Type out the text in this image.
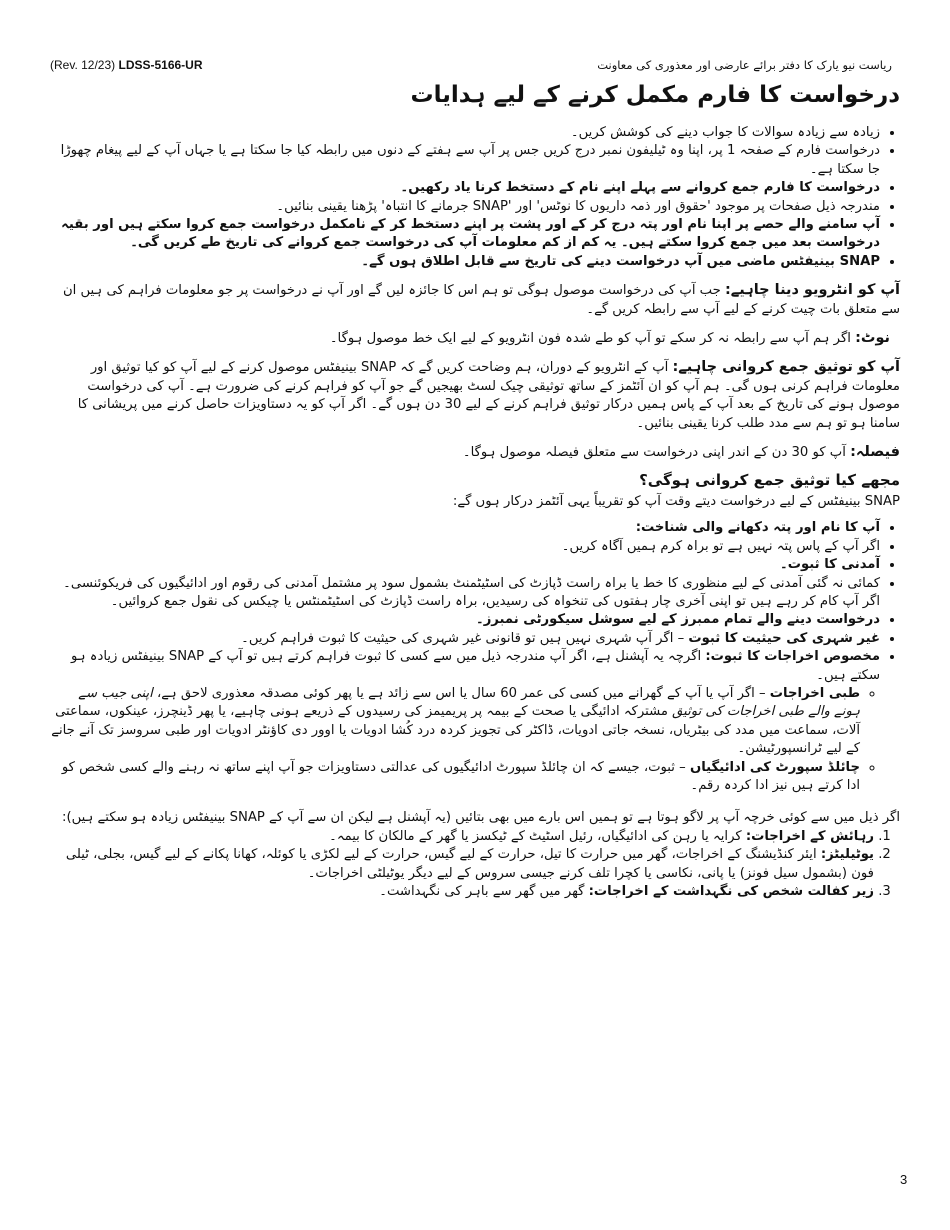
(Rev. 12/23) LDSS-5166-UR	ریاست نیو یارک کا دفتر برائے عارضی اور معذوری کی معاونت
درخواست کا فارم مکمل کرنے کے لیے ہدایات
• زیادہ سے زیادہ سوالات کا جواب دینے کی کوشش کریں۔
• درخواست فارم کے صفحہ 1 پر، اپنا وہ ٹیلیفون نمبر درج کریں جس پر آپ سے ہفتے کے دنوں میں رابطہ کیا جا سکتا ہے یا جہاں آپ کے لیے پیغام چھوڑا جا سکتا ہے۔
• درخواست کا فارم جمع کروانے سے پہلے اپنے نام کے دستخط کرنا یاد رکھیں۔
• مندرجہ ذیل صفحات پر موجود 'حقوق اور ذمہ داریوں کا نوٹس' اور 'SNAP جرمانے کا انتباہ' پڑھنا یقینی بنائیں۔
• آپ سامنے والے حصے پر اپنا نام اور پتہ درج کر کے اور پشت پر اپنے دستخط کر کے نامکمل درخواست جمع کروا سکتے ہیں اور بقیہ درخواست بعد میں جمع کروا سکتے ہیں۔ یہ کم از کم معلومات آپ کی درخواست جمع کروانے کی تاریخ طے کریں گی۔
• SNAP بینیفٹس ماضی میں آپ درخواست دینے کی تاریخ سے قابل اطلاق ہوں گے۔

آپ کو انٹرویو دینا چاہیے: جب آپ کی درخواست موصول ہوگی تو ہم اس کا جائزہ لیں گے اور آپ نے درخواست پر جو معلومات فراہم کی ہیں ان سے متعلق بات چیت کرنے کے لیے آپ سے رابطہ کریں گے۔

نوٹ: اگر ہم آپ سے رابطہ نہ کر سکے تو آپ کو طے شدہ فون انٹرویو کے لیے ایک خط موصول ہوگا۔

آپ کو توثیق جمع کروانی چاہیے: آپ کے انٹرویو کے دوران، ہم وضاحت کریں گے کہ SNAP بینیفٹس موصول کرنے کے لیے آپ کو کیا توثیق اور معلومات فراہم کرنی ہوں گی۔ ہم آپ کو ان آئٹمز کے ساتھ توثیقی چیک لسٹ بھیجیں گے جو آپ کو فراہم کرنے کی ضرورت ہے۔ آپ کی درخواست موصول ہونے کی تاریخ کے بعد آپ کے پاس ہمیں درکار توثیق فراہم کرنے کے لیے 30 دن ہوں گے۔ اگر آپ کو یہ دستاویزات حاصل کرنے میں پریشانی کا سامنا ہو تو ہم سے مدد طلب کرنا یقینی بنائیں۔

فیصلہ: آپ کو 30 دن کے اندر اپنی درخواست سے متعلق فیصلہ موصول ہوگا۔

مجھے کیا توثیق جمع کروانی ہوگی؟

SNAP بینیفٹس کے لیے درخواست دیتے وقت آپ کو تقریباً یہی آئٹمز درکار ہوں گے:

• آپ کا نام اور پتہ دکھانے والی شناخت:
• اگر آپ کے پاس پتہ نہیں ہے تو براہ کرم ہمیں آگاہ کریں۔
• آمدنی کا ثبوت۔
• کمائی نہ گئی آمدنی کے لیے منظوری کا خط یا براہ راست ڈپازٹ کی اسٹیٹمنٹ بشمول سود پر مشتمل آمدنی کی رقوم اور ادائیگیوں کی فریکوئنسی۔ اگر آپ کام کر رہے ہیں تو اپنی آخری چار ہفتوں کی تنخواہ کی رسیدیں، براہ راست ڈپازٹ کی اسٹیٹمنٹس یا چیکس کی نقول جمع کروائیں۔
• درخواست دینے والے تمام ممبرز کے لیے سوشل سیکورٹی نمبرز۔
• غیر شہری کی حیثیت کا ثبوت – اگر آپ شہری نہیں ہیں تو قانونی غیر شہری کی حیثیت کا ثبوت فراہم کریں۔
• مخصوص اخراجات کا ثبوت: اگرچہ یہ آپشنل ہے، اگر آپ مندرجہ ذیل میں سے کسی کا ثبوت فراہم کرتے ہیں تو آپ کے SNAP بینیفٹس زیادہ ہو سکتے ہیں۔
◦ طبی اخراجات – اگر آپ یا آپ کے گھرانے میں کسی کی عمر 60 سال یا اس سے زائد ہے یا پھر کوئی مصدقہ معذوری لاحق ہے، اپنی جیب سے ہونے والے طبی اخراجات کی توثیق مشترکہ ادائیگی یا صحت کے بیمہ پر پریمیمز کی رسیدوں کے ذریعے ہونی چاہیے، یا پھر ڈینچرز، عینکوں، سماعتی آلات، سماعت میں مدد کی بیٹریاں، نسخہ جاتی ادویات، ڈاکٹر کی تجویز کردہ درد کُشا ادویات یا اوور دی کاؤنٹر ادویات اور طبی سروسز تک آنے جانے کے لیے ٹرانسپورٹیشن۔
◦ چائلڈ سپورٹ کی ادائیگیاں – ثبوت، جیسے کہ ان چائلڈ سپورٹ ادائیگیوں کی عدالتی دستاویزات جو آپ اپنے ساتھ نہ رہنے والے کسی شخص کو ادا کرتے ہیں نیز ادا کردہ رقم۔

اگر ذیل میں سے کوئی خرچہ آپ پر لاگو ہوتا ہے تو ہمیں اس بارے میں بھی بتائیں (یہ آپشنل ہے لیکن ان سے آپ کے SNAP بینیفٹس زیادہ ہو سکتے ہیں):

1. رہائش کے اخراجات: کرایہ یا رہن کی ادائیگیاں، رئیل اسٹیٹ کے ٹیکسز یا گھر کے مالکان کا بیمہ۔
2. یوٹیلیٹز: ایئر کنڈیشنگ کے اخراجات، گھر میں حرارت کا تیل، حرارت کے لیے گیس، حرارت کے لیے لکڑی یا کوئلہ، کھانا پکانے کے لیے گیس، بجلی، ٹیلی فون (بشمول سیل فونز) یا پانی، نکاسی یا کچرا تلف کرنے جیسی سروس کے لیے دیگر یوٹیلٹی اخراجات۔
3. زیر کفالت شخص کی نگہداشت کے اخراجات: گھر میں گھر سے باہر کی نگہداشت۔
3
